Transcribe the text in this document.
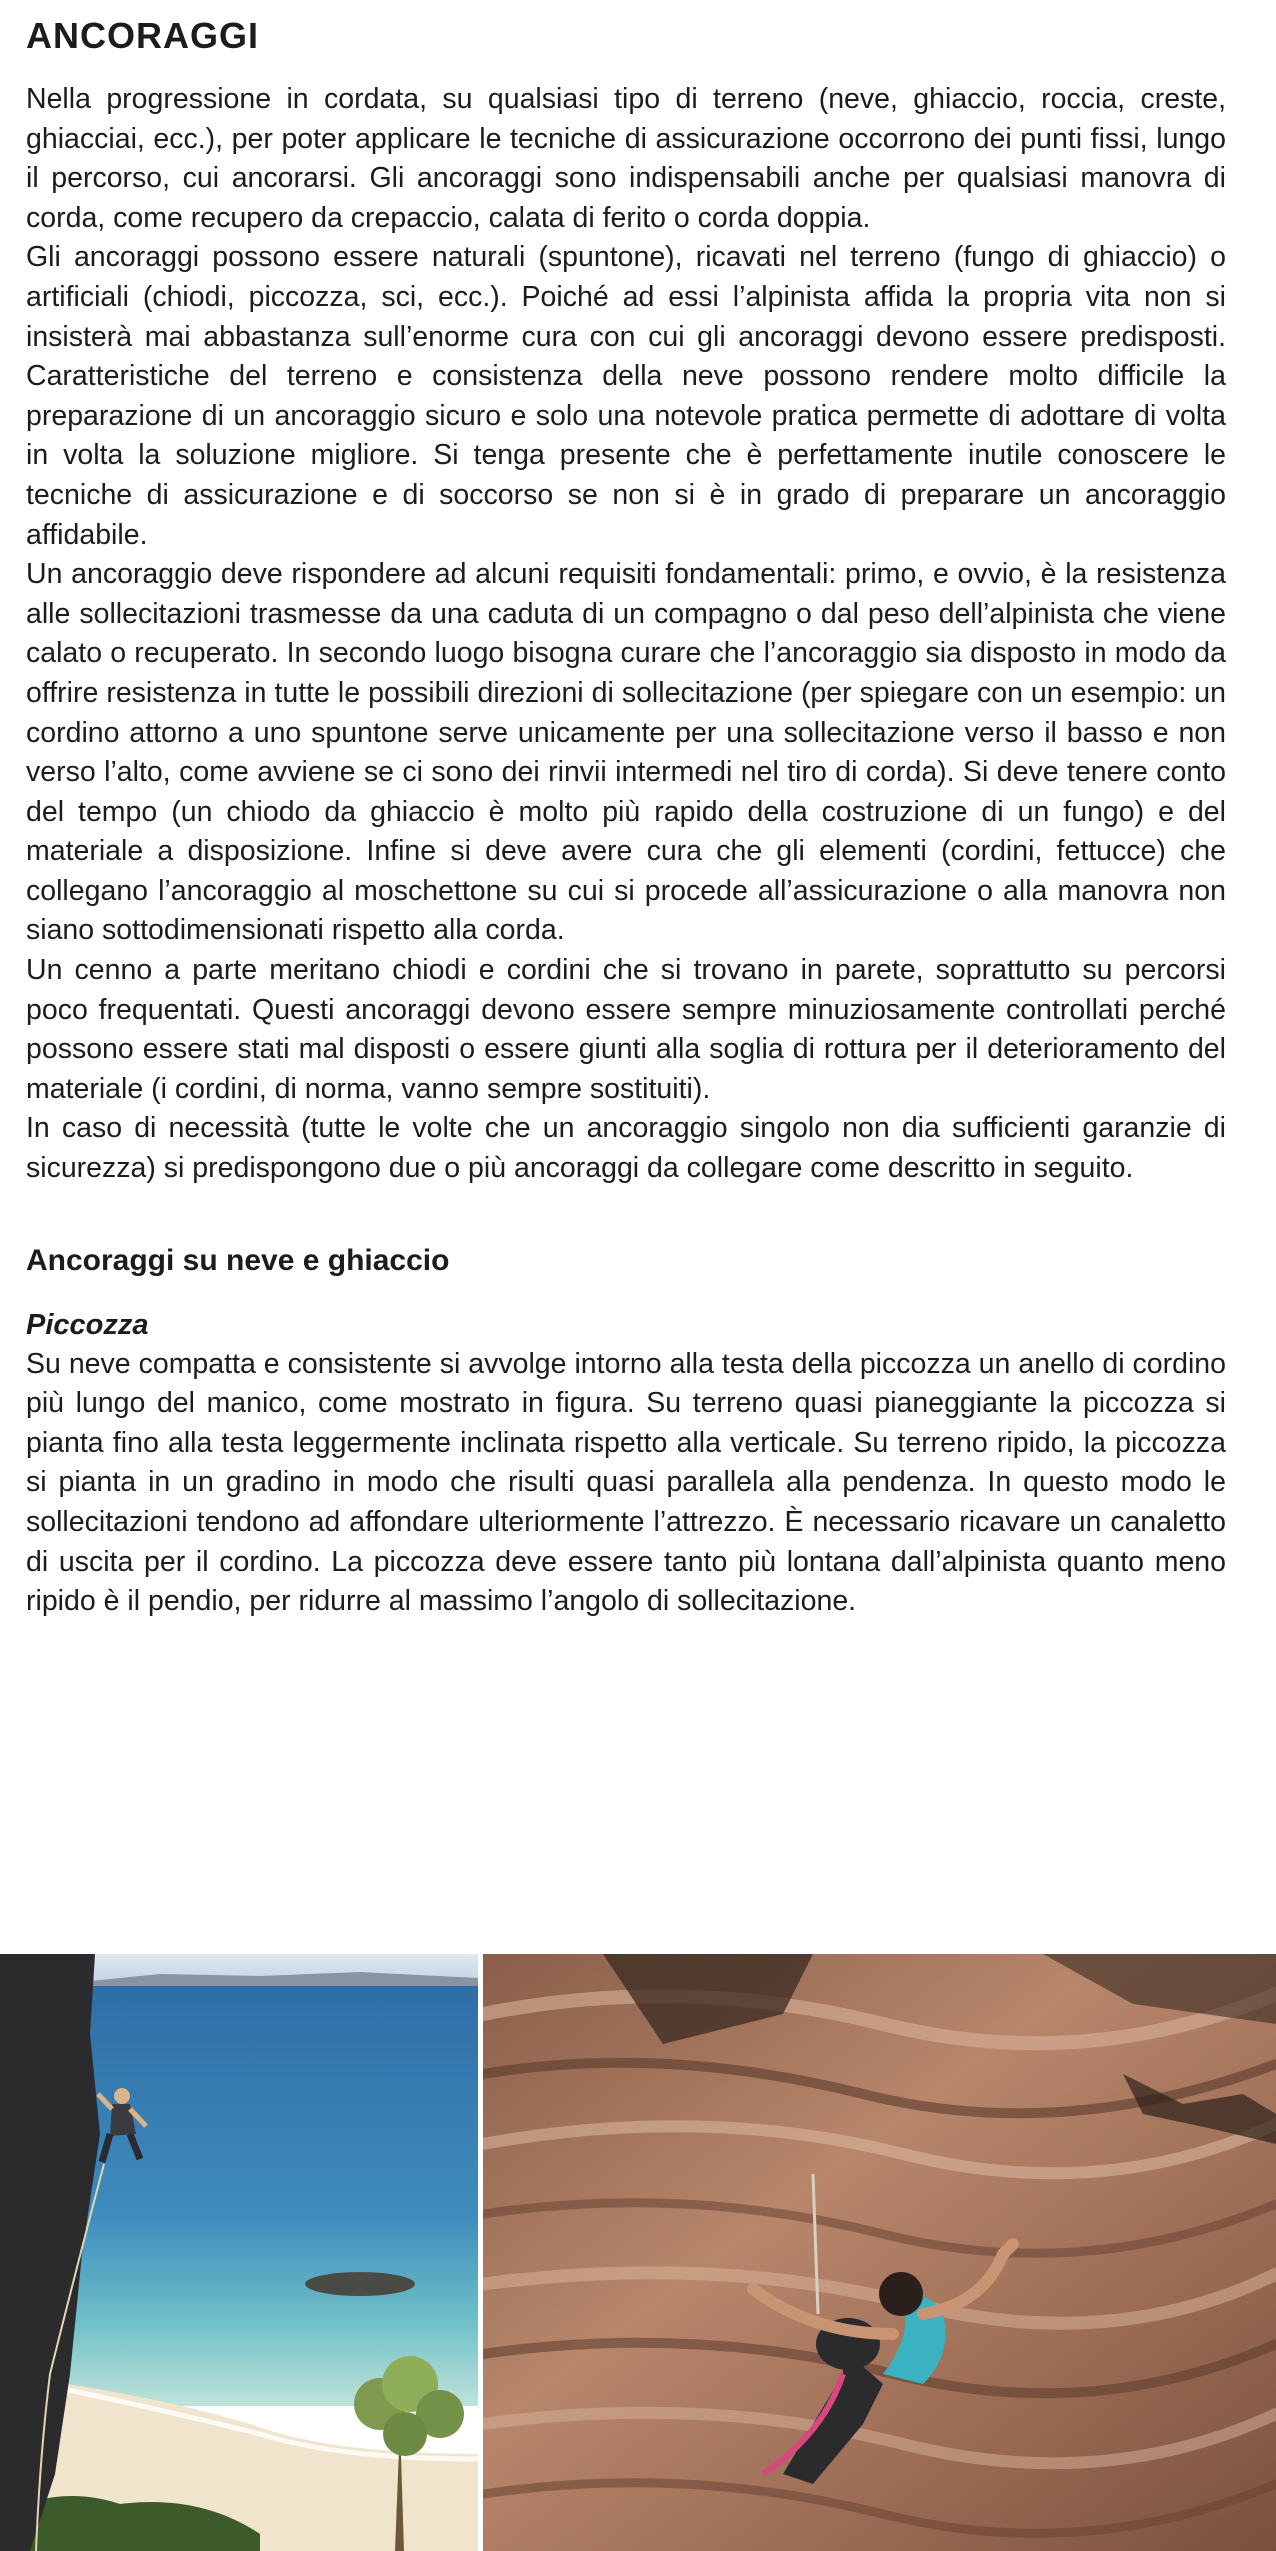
ANCORAGGI

Nella progressione in cordata, su qualsiasi tipo di terreno (neve, ghiaccio, roccia, creste, ghiacciai, ecc.), per poter applicare le tecniche di assicurazione occorrono dei punti fissi, lungo il percorso, cui ancorarsi. Gli ancoraggi sono indispensabili anche per qualsiasi manovra di corda, come recupero da crepaccio, calata di ferito o corda doppia.

Gli ancoraggi possono essere naturali (spuntone), ricavati nel terreno (fungo di ghiaccio) o artificiali (chiodi, piccozza, sci, ecc.). Poiché ad essi l’alpinista affida la propria vita non si insisterà mai abbastanza sull’enorme cura con cui gli ancoraggi devono essere predisposti. Caratteristiche del terreno e consistenza della neve possono rendere molto difficile la preparazione di un ancoraggio sicuro e solo una notevole pratica permette di adottare di volta in volta la soluzione migliore. Si tenga presente che è perfettamente inutile conoscere le tecniche di assicurazione e di soccorso se non si è in grado di preparare un ancoraggio affidabile.

Un ancoraggio deve rispondere ad alcuni requisiti fondamentali: primo, e ovvio, è la resistenza alle sollecitazioni trasmesse da una caduta di un compagno o dal peso dell’alpinista che viene calato o recuperato. In secondo luogo bisogna curare che l’ancoraggio sia disposto in modo da offrire resistenza in tutte le possibili direzioni di sollecitazione (per spiegare con un esempio: un cordino attorno a uno spuntone serve unicamente per una sollecitazione verso il basso e non verso l’alto, come avviene se ci sono dei rinvii intermedi nel tiro di corda). Si deve tenere conto del tempo (un chiodo da ghiaccio è molto più rapido della costruzione di un fungo) e del materiale a disposizione. Infine si deve avere cura che gli elementi (cordini, fettucce) che collegano l’ancoraggio al moschettone su cui si procede all’assicurazione o alla manovra non siano sottodimensionati rispetto alla corda.

Un cenno a parte meritano chiodi e cordini che si trovano in parete, soprattutto su percorsi poco frequentati. Questi ancoraggi devono essere sempre minuziosamente controllati perché possono essere stati mal disposti o essere giunti alla soglia di rottura per il deterioramento del materiale (i cordini, di norma, vanno sempre sostituiti).

In caso di necessità (tutte le volte che un ancoraggio singolo non dia sufficienti garanzie di sicurezza) si predispongono due o più ancoraggi da collegare come descritto in seguito.

Ancoraggi su neve e ghiaccio
Piccozza

Su neve compatta e consistente si avvolge intorno alla testa della piccozza un anello di cordino più lungo del manico, come mostrato in figura. Su terreno quasi pianeggiante la piccozza si pianta fino alla testa leggermente inclinata rispetto alla verticale. Su terreno ripido, la piccozza si pianta in un gradino in modo che risulti quasi parallela alla pendenza. In questo modo le sollecitazioni tendono ad affondare ulteriormente l’attrezzo. È necessario ricavare un canaletto di uscita per il cordino. La piccozza deve essere tanto più lontana dall’alpinista quanto meno ripido è il pendio, per ridurre al massimo l’angolo di sollecitazione.
